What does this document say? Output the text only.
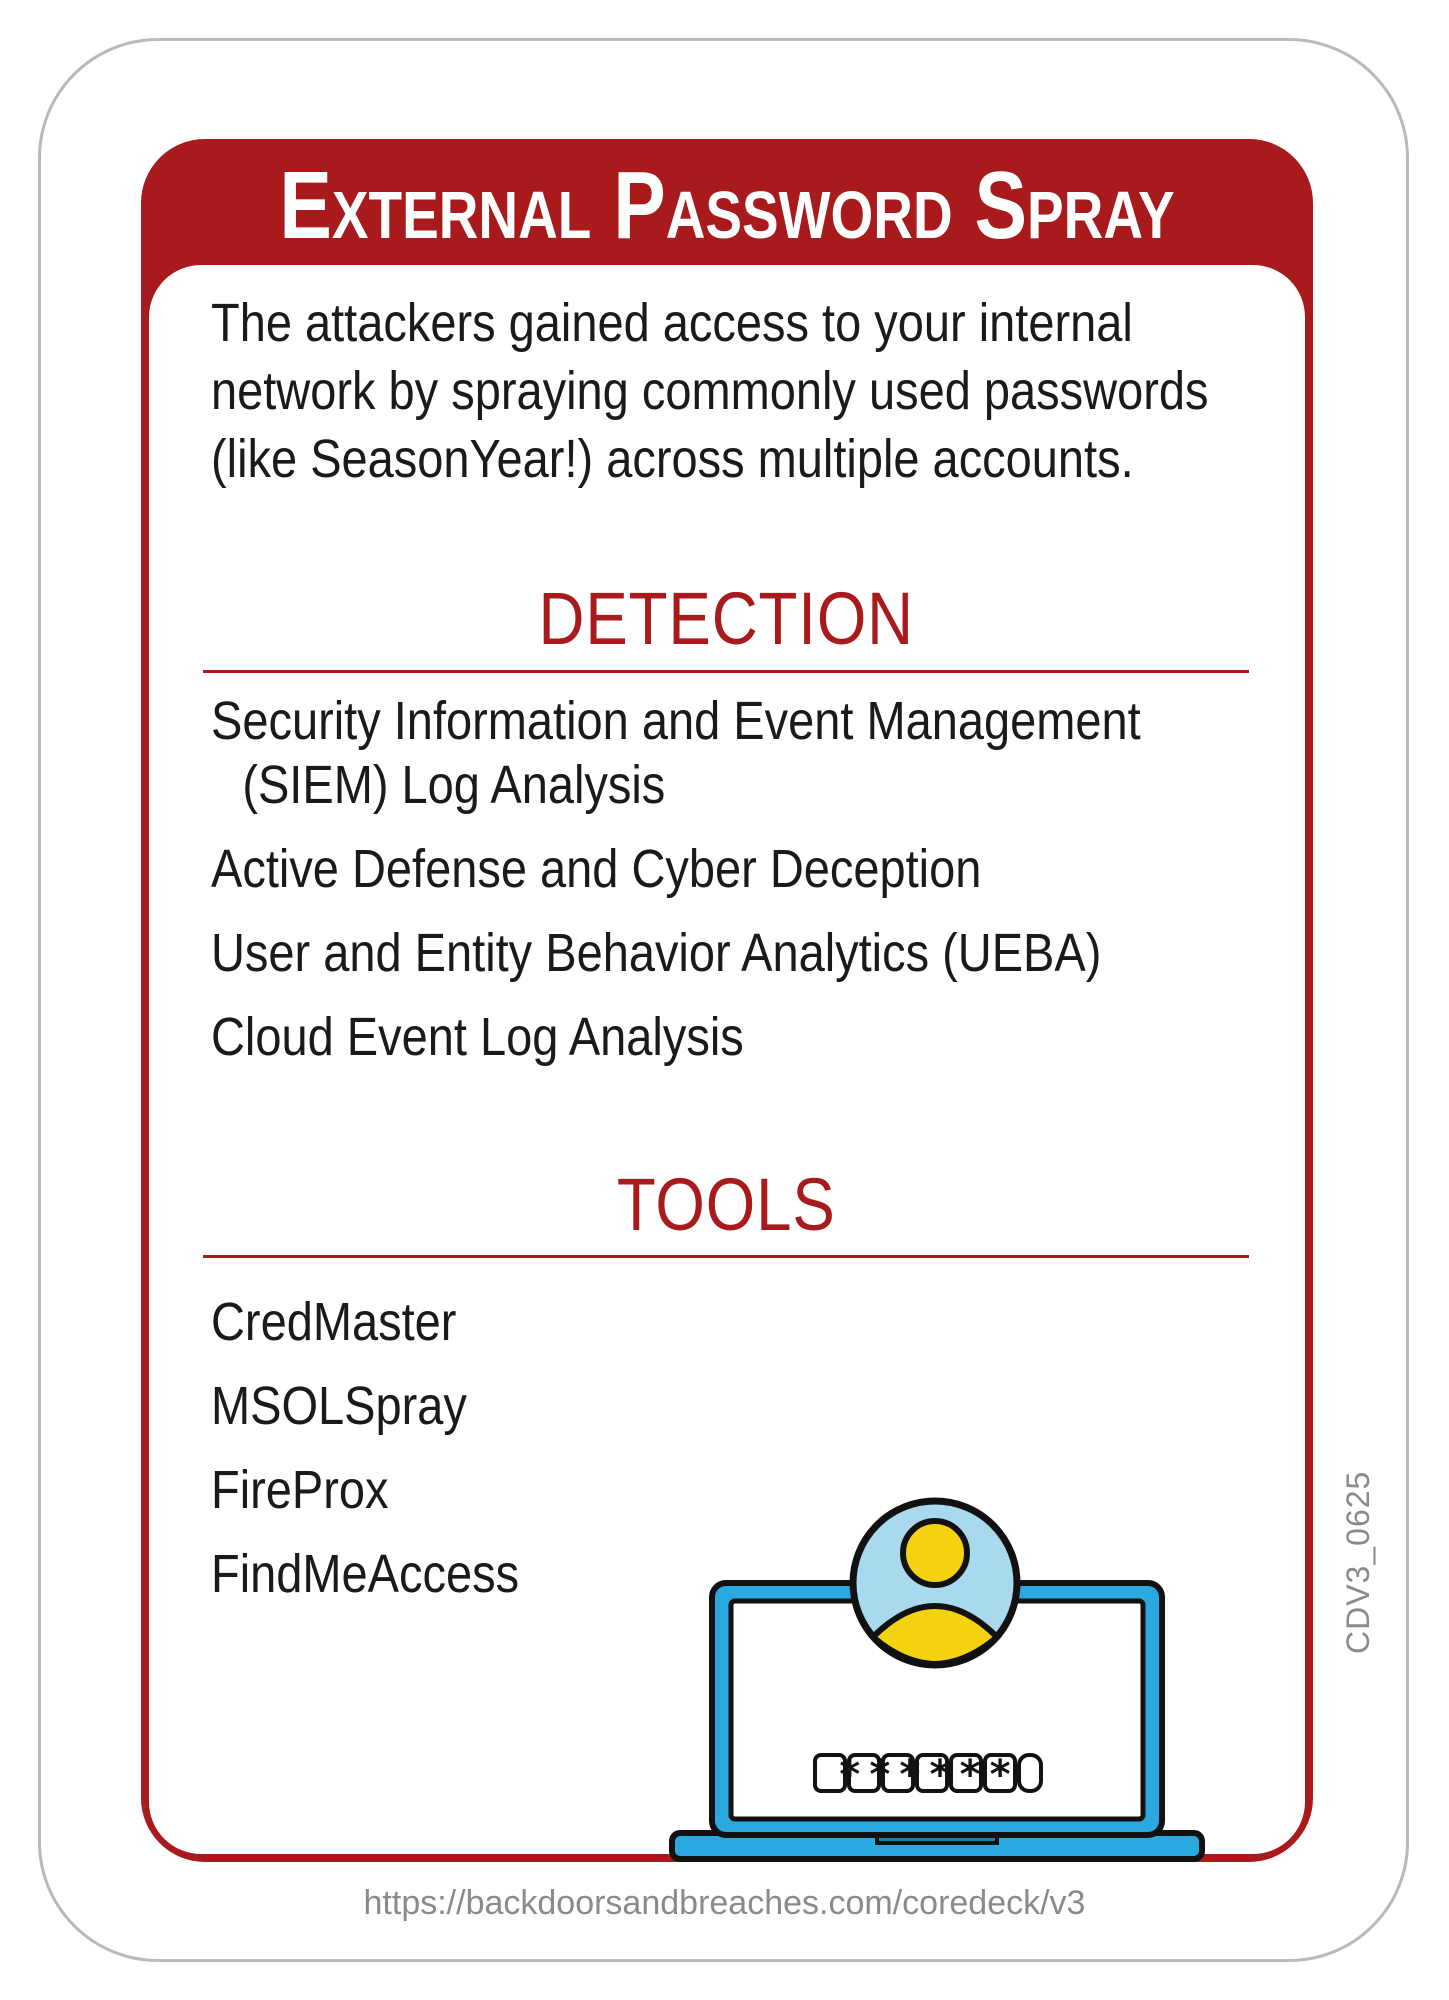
External Password Spray
The attackers gained access to your internal network by spraying commonly used passwords (like SeasonYear!) across multiple accounts.
DETECTION
Security Information and Event Management (SIEM) Log Analysis
Active Defense and Cyber Deception
User and Entity Behavior Analytics (UEBA)
Cloud Event Log Analysis
TOOLS
CredMaster
MSOLSpray
FireProx
FindMeAccess
******
CDV3_0625
https://backdoorsandbreaches.com/coredeck/v3
